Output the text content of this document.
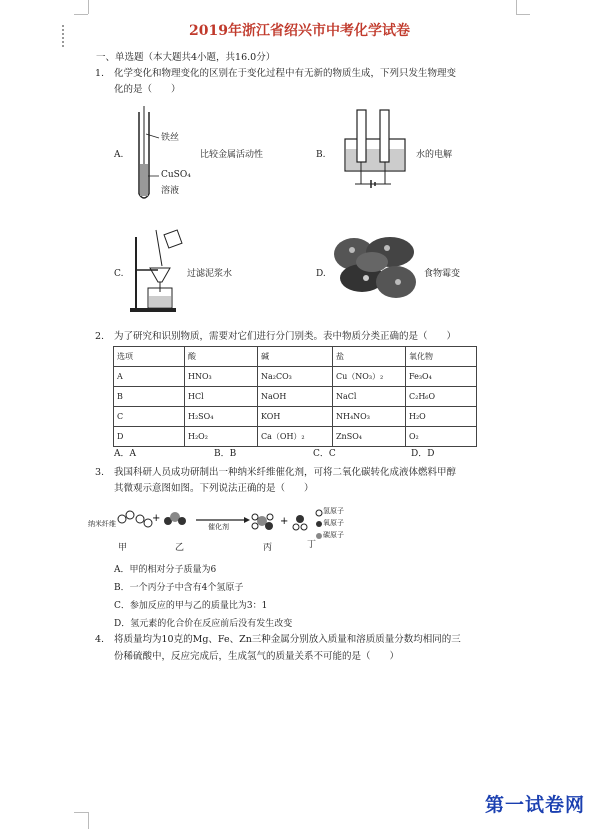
2019年浙江省绍兴市中考化学试卷
一、单选题（本大题共4小题，共16.0分）
1. 化学变化和物理变化的区别在于变化过程中有无新的物质生成，下列只发生物理变
化的是（　　）
A.
铁丝
CuSO₄
溶液
比较金属活动性	B.	水的电解
C.	过滤泥浆水	D.	食物霉变
2. 为了研究和识别物质，需要对它们进行分门别类。表中物质分类正确的是（　　）
选项	酸	碱	盐	氧化物
A	HNO₃	Na₂CO₃	Cu（NO₃）₂	Fe₃O₄
B	HCl	NaOH	NaCl	C₂H₆O
C	H₂SO₄	KOH	NH₄NO₃	H₂O
D	H₂O₂	Ca（OH）₂	ZnSO₄	O₂
A．A	B．B	C．C	D．D
3. 我国科研人员成功研制出一种纳米纤维催化剂，可将二氧化碳转化成液体燃料甲醇
其微观示意图如图。下列说法正确的是（　　）
+	+
纳米纤维	催化剂
甲	乙	丙	丁
氢原子
氧原子
碳原子
A．甲的相对分子质量为6
B．一个丙分子中含有4个氢原子
C．参加反应的甲与乙的质量比为3：1
D．氢元素的化合价在反应前后没有发生改变
4. 将质量均为10克的Mg、Fe、Zn三种金属分别放入质量和溶质质量分数均相同的三
份稀硫酸中，反应完成后，生成氢气的质量关系不可能的是（　　）
第一试卷网
